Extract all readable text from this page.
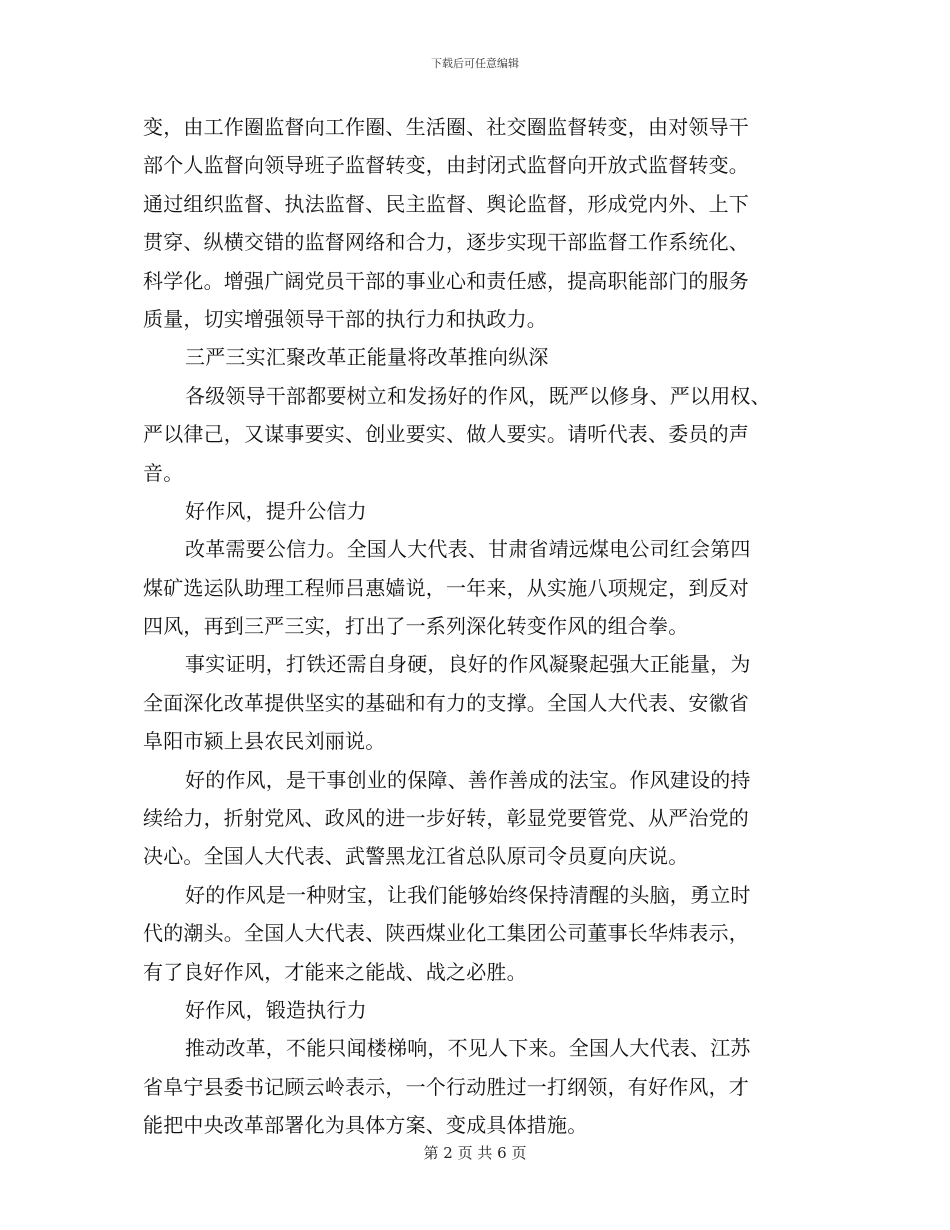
下载后可任意编辑
变，由工作圈监督向工作圈、生活圈、社交圈监督转变，由对领导干
部个人监督向领导班子监督转变，由封闭式监督向开放式监督转变。
通过组织监督、执法监督、民主监督、舆论监督，形成党内外、上下
贯穿、纵横交错的监督网络和合力，逐步实现干部监督工作系统化、
科学化。增强广阔党员干部的事业心和责任感，提高职能部门的服务
质量，切实增强领导干部的执行力和执政力。
三严三实汇聚改革正能量将改革推向纵深
各级领导干部都要树立和发扬好的作风，既严以修身、严以用权、
严以律己，又谋事要实、创业要实、做人要实。请听代表、委员的声
音。
好作风，提升公信力
改革需要公信力。全国人大代表、甘肃省靖远煤电公司红会第四
煤矿选运队助理工程师吕惠嫱说，一年来，从实施八项规定，到反对
四风，再到三严三实，打出了一系列深化转变作风的组合拳。
事实证明，打铁还需自身硬，良好的作风凝聚起强大正能量，为
全面深化改革提供坚实的基础和有力的支撑。全国人大代表、安徽省
阜阳市颍上县农民刘丽说。
好的作风，是干事创业的保障、善作善成的法宝。作风建设的持
续给力，折射党风、政风的进一步好转，彰显党要管党、从严治党的
决心。全国人大代表、武警黑龙江省总队原司令员夏向庆说。
好的作风是一种财宝，让我们能够始终保持清醒的头脑，勇立时
代的潮头。全国人大代表、陕西煤业化工集团公司董事长华炜表示，
有了良好作风，才能来之能战、战之必胜。
好作风，锻造执行力
推动改革，不能只闻楼梯响，不见人下来。全国人大代表、江苏
省阜宁县委书记顾云岭表示，一个行动胜过一打纲领，有好作风，才
能把中央改革部署化为具体方案、变成具体措施。
第 2 页 共 6 页
